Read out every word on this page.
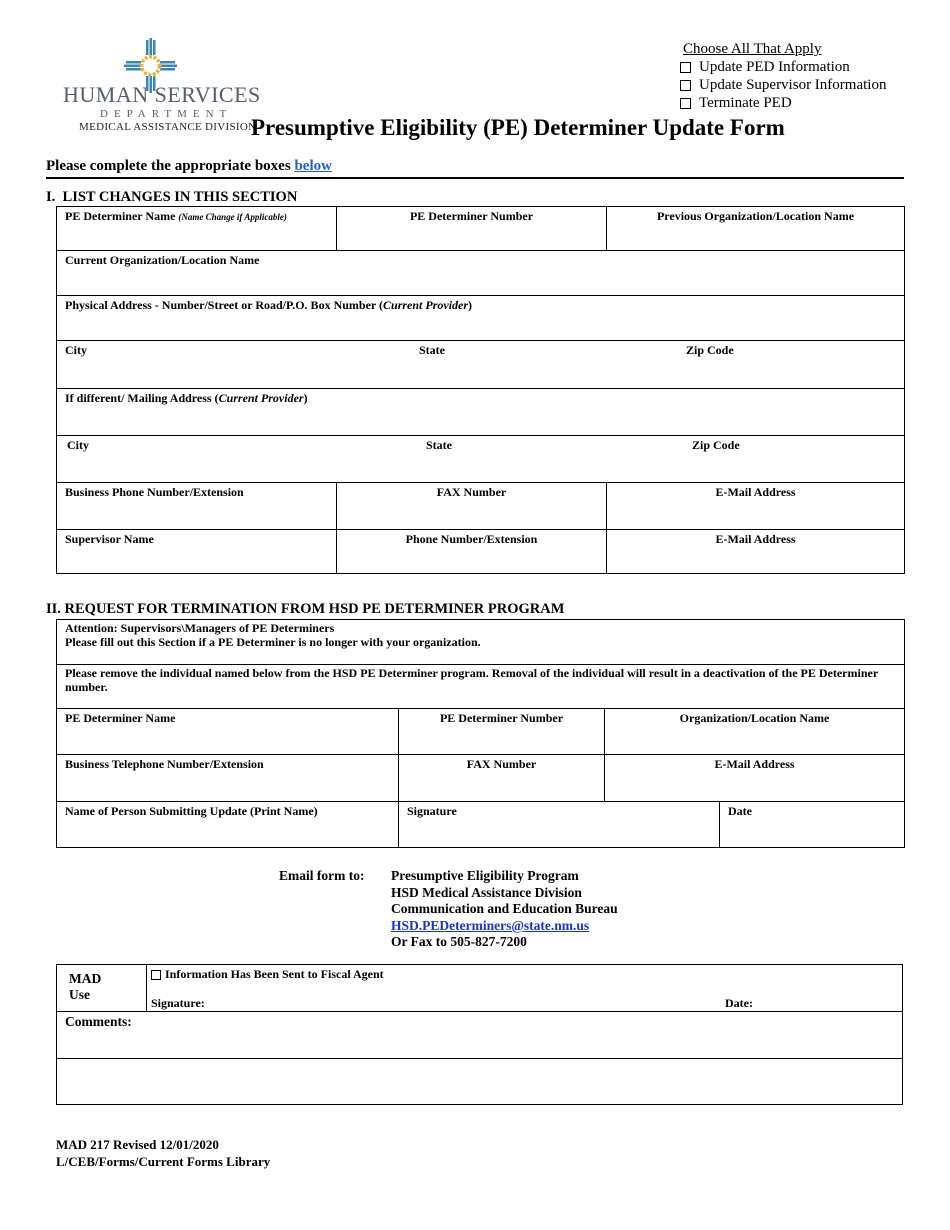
HUMAN SERVICES
DEPARTMENT
MEDICAL ASSISTANCE DIVISION
Choose All That Apply
Update PED Information
Update Supervisor Information
Terminate PED
Presumptive Eligibility (PE) Determiner Update Form
Please complete the appropriate boxes below
I.  LIST CHANGES IN THIS SECTION
PE Determiner Name (Name Change if Applicable)	PE Determiner Number	Previous Organization/Location Name
Current Organization/Location Name		
Physical Address - Number/Street or Road/P.O. Box Number (Current Provider)		

City State Zip Code		

If different/ Mailing Address (Current Provider)		

City State Zip Code		

Business Phone Number/Extension	FAX Number	E-Mail Address
Supervisor Name	Phone Number/Extension	E-Mail Address
II. REQUEST FOR TERMINATION FROM HSD PE DETERMINER PROGRAM
Attention: Supervisors\Managers of PE Determiners
Please fill out this Section if a PE Determiner is no longer with your organization.			

Please remove the individual named below from the HSD PE Determiner program. Removal of the individual will result in a deactivation of the PE Determiner number.			
PE Determiner Name	PE Determiner Number	Organization/Location Name	
Business Telephone Number/Extension	FAX Number	E-Mail Address	
Name of Person Submitting Update (Print Name)	Signature		Date
Email form to: Presumptive Eligibility Program
HSD Medical Assistance Division
Communication and Education Bureau
HSD.PEDeterminers@state.nm.us
Or Fax to 505-827-7200
MAD
Use

Information Has Been Sent to Fiscal Agent
Signature:	Date:

Comments:

MAD 217 Revised 12/01/2020
L/CEB/Forms/Current Forms Library
